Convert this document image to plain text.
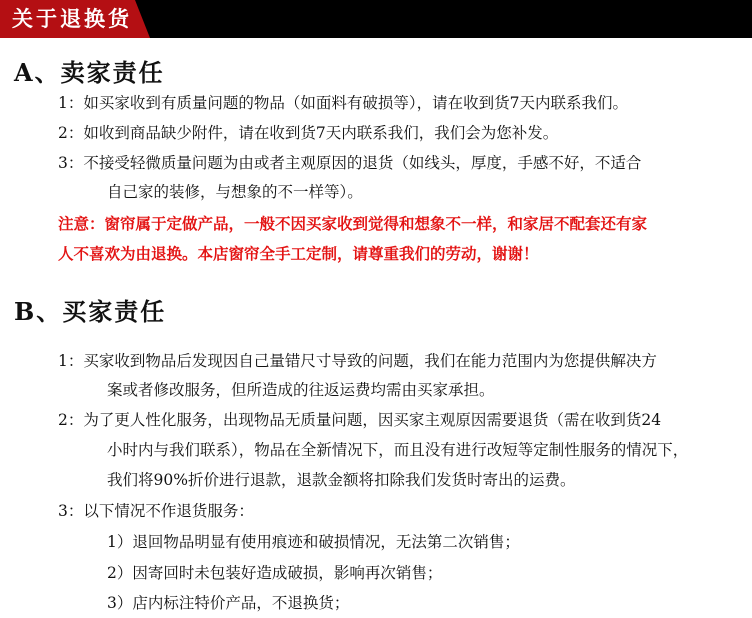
关于退换货
A、卖家责任
1：如买家收到有质量问题的物品（如面料有破损等），请在收到货7天内联系我们。
2：如收到商品缺少附件，请在收到货7天内联系我们，我们会为您补发。
3：不接受轻微质量问题为由或者主观原因的退货（如线头，厚度，手感不好，不适合
自己家的装修，与想象的不一样等）。
注意：窗帘属于定做产品，一般不因买家收到觉得和想象不一样，和家居不配套还有家
人不喜欢为由退换。本店窗帘全手工定制，请尊重我们的劳动，谢谢！
B、买家责任
1：买家收到物品后发现因自己量错尺寸导致的问题，我们在能力范围内为您提供解决方
案或者修改服务，但所造成的往返运费均需由买家承担。
2：为了更人性化服务，出现物品无质量问题，因买家主观原因需要退货（需在收到货24
小时内与我们联系），物品在全新情况下，而且没有进行改短等定制性服务的情况下，
我们将90%折价进行退款，退款金额将扣除我们发货时寄出的运费。
3：以下情况不作退货服务：
1）退回物品明显有使用痕迹和破损情况，无法第二次销售；
2）因寄回时未包装好造成破损，影响再次销售；
3）店内标注特价产品，不退换货；
